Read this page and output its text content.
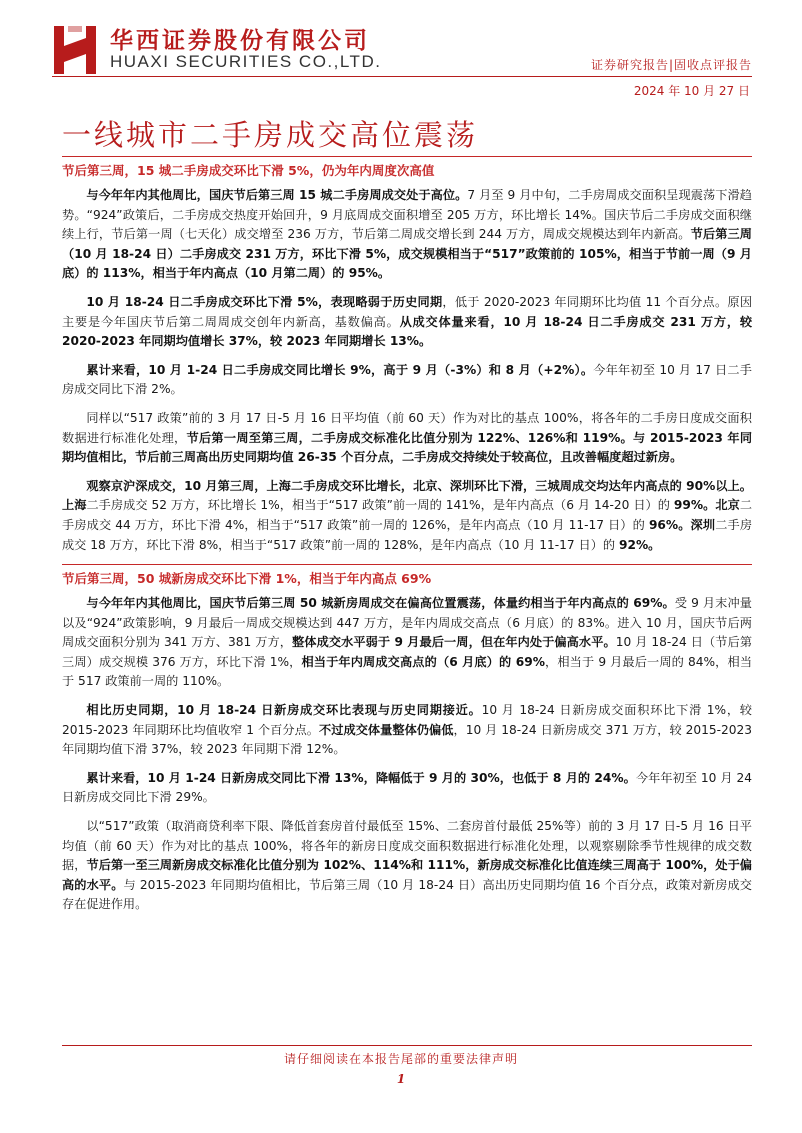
华西证券股份有限公司
HUAXI SECURITIES CO.,LTD.	证券研究报告|固收点评报告
2024 年 10 月 27 日
一线城市二手房成交高位震荡
节后第三周，15 城二手房成交环比下滑 5%，仍为年内周度次高值

与今年年内其他周比，国庆节后第三周 15 城二手房周成交处于高位。7 月至 9 月中旬，二手房周成交面积呈现震荡下滑趋势。“924”政策后，二手房成交热度开始回升，9 月底周成交面积增至 205 万方，环比增长 14%。国庆节后二手房成交面积继续上行，节后第一周（七天化）成交增至 236 万方，节后第二周成交增长到 244 万方，周成交规模达到年内新高。节后第三周（10 月 18-24 日）二手房成交 231 万方，环比下滑 5%，成交规模相当于“517”政策前的 105%，相当于节前一周（9 月底）的 113%，相当于年内高点（10 月第二周）的 95%。

10 月 18-24 日二手房成交环比下滑 5%，表现略弱于历史同期，低于 2020-2023 年同期环比均值 11 个百分点。原因主要是今年国庆节后第二周周成交创年内新高，基数偏高。从成交体量来看，10 月 18-24 日二手房成交 231 万方，较 2020-2023 年同期均值增长 37%，较 2023 年同期增长 13%。

累计来看，10 月 1-24 日二手房成交同比增长 9%，高于 9 月（-3%）和 8 月（+2%）。今年年初至 10 月 17 日二手房成交同比下滑 2%。

同样以“517 政策”前的 3 月 17 日-5 月 16 日平均值（前 60 天）作为对比的基点 100%，将各年的二手房日度成交面积数据进行标准化处理，节后第一周至第三周，二手房成交标准化比值分别为 122%、126%和 119%。与 2015-2023 年同期均值相比，节后前三周高出历史同期均值 26-35 个百分点，二手房成交持续处于较高位，且改善幅度超过新房。

观察京沪深成交，10 月第三周，上海二手房成交环比增长，北京、深圳环比下滑，三城周成交均达年内高点的 90%以上。上海二手房成交 52 万方，环比增长 1%，相当于“517 政策”前一周的 141%，是年内高点（6 月 14-20 日）的 99%。北京二手房成交 44 万方，环比下滑 4%，相当于“517 政策”前一周的 126%，是年内高点（10 月 11-17 日）的 96%。深圳二手房成交 18 万方，环比下滑 8%，相当于“517 政策”前一周的 128%，是年内高点（10 月 11-17 日）的 92%。

节后第三周，50 城新房成交环比下滑 1%，相当于年内高点 69%

与今年年内其他周比，国庆节后第三周 50 城新房周成交在偏高位置震荡，体量约相当于年内高点的 69%。受 9 月末冲量以及“924”政策影响，9 月最后一周成交规模达到 447 万方，是年内周成交高点（6 月底）的 83%。进入 10 月，国庆节后两周成交面积分别为 341 万方、381 万方，整体成交水平弱于 9 月最后一周，但在年内处于偏高水平。10 月 18-24 日（节后第三周）成交规模 376 万方，环比下滑 1%，相当于年内周成交高点的（6 月底）的 69%，相当于 9 月最后一周的 84%，相当于 517 政策前一周的 110%。

相比历史同期，10 月 18-24 日新房成交环比表现与历史同期接近。10 月 18-24 日新房成交面积环比下滑 1%，较 2015-2023 年同期环比均值收窄 1 个百分点。不过成交体量整体仍偏低，10 月 18-24 日新房成交 371 万方，较 2015-2023 年同期均值下滑 37%，较 2023 年同期下滑 12%。

累计来看，10 月 1-24 日新房成交同比下滑 13%，降幅低于 9 月的 30%，也低于 8 月的 24%。今年年初至 10 月 24 日新房成交同比下滑 29%。

以“517”政策（取消商贷利率下限、降低首套房首付最低至 15%、二套房首付最低 25%等）前的 3 月 17 日-5 月 16 日平均值（前 60 天）作为对比的基点 100%，将各年的新房日度成交面积数据进行标准化处理，以观察剔除季节性规律的成交数据，节后第一至三周新房成交标准化比值分别为 102%、114%和 111%，新房成交标准化比值连续三周高于 100%，处于偏高的水平。与 2015-2023 年同期均值相比，节后第三周（10 月 18-24 日）高出历史同期均值 16 个百分点，政策对新房成交存在促进作用。

请仔细阅读在本报告尾部的重要法律声明
1
